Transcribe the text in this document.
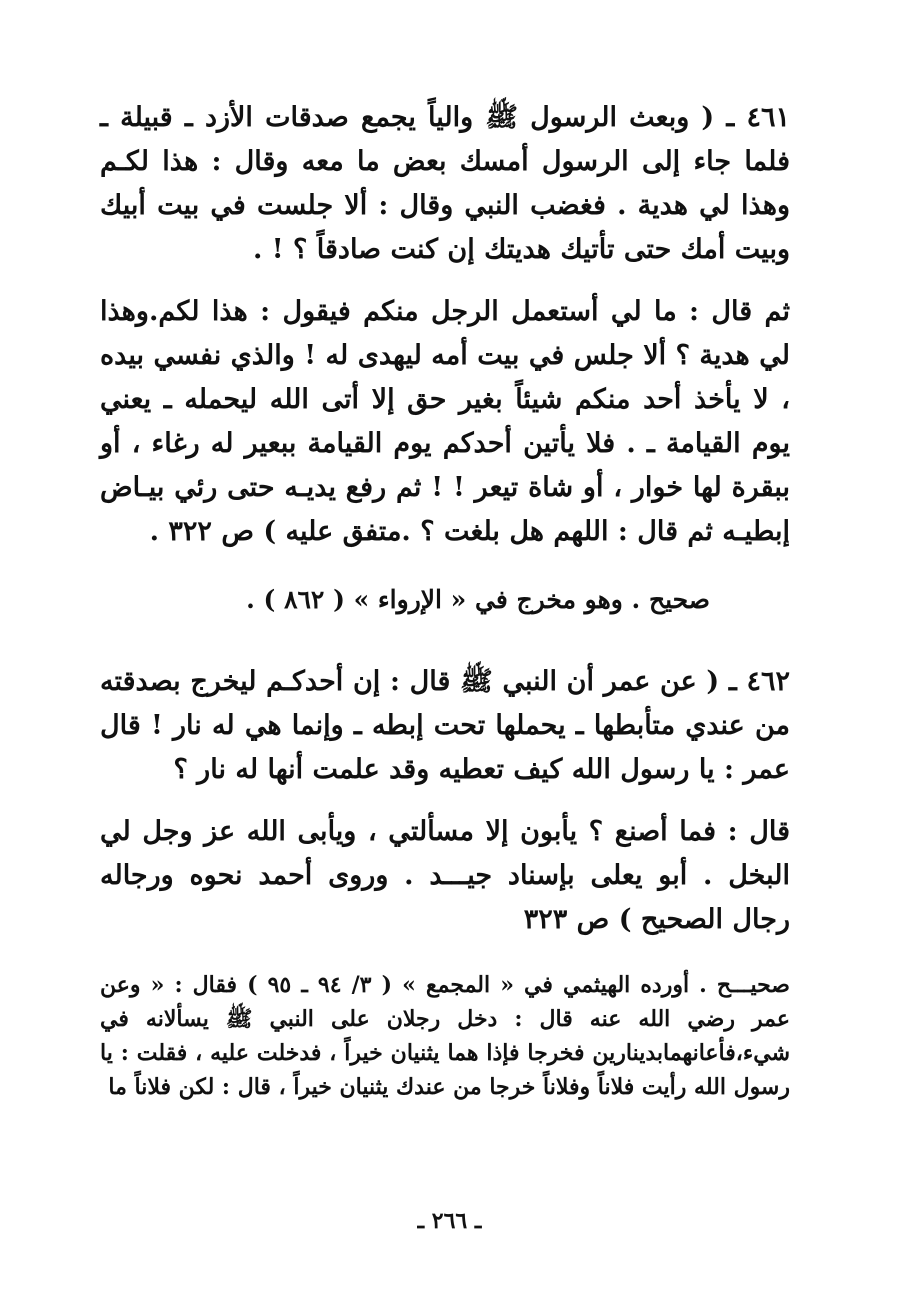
٤٦١ ـ ( وبعث الرسول ﷺ والياً يجمع صدقات الأزد ـ قبيلة ـ فلما جاء إلى الرسول أمسك بعض ما معه وقال : هذا لكـم وهذا لي هدية . فغضب النبي وقال : ألا جلست في بيت أبيك وبيت أمك حتى تأتيك هديتك إن كنت صادقاً ؟ ! .

ثم قال : ما لي أستعمل الرجل منكم فيقول : هذا لكم.وهذا لي هدية ؟ ألا جلس في بيت أمه ليهدى له ! والذي نفسي بيده ، لا يأخذ أحد منكم شيئاً بغير حق إلا أتى الله ليحمله ـ يعني يوم القيامة ـ . فلا يأتين أحدكم يوم القيامة ببعير له رغاء ، أو ببقرة لها خوار ، أو شاة تيعر ! ! ثم رفع يديـه حتى رئي بيـاض إبطيـه ثم قال : اللهم هل بلغت ؟ .متفق عليه ) ص ٣٢٢ .

صحيح . وهو مخرج في « الإرواء » ( ٨٦٢ ) .

٤٦٢ ـ ( عن عمر أن النبي ﷺ قال : إن أحدكـم ليخرج بصدقته من عندي متأبطها ـ يحملها تحت إبطه ـ وإنما هي له نار ! قال عمر : يا رسول الله كيف تعطيه وقد علمت أنها له نار ؟

قال : فما أصنع ؟ يأبون إلا مسألتي ، ويأبى الله عز وجل لي البخل . أبو يعلى بإسناد جيـــد . وروى أحمد نحوه ورجاله رجال الصحيح ) ص ٣٢٣

صحيـــح . أورده الهيثمي في « المجمع » ( ٣/ ٩٤ ـ ٩٥ ) فقال : « وعن عمر رضي الله عنه قال : دخل رجلان على النبي ﷺ يسألانه في شيء،فأعانهمابدينارين فخرجا فإذا هما يثنيان خيراً ، فدخلت عليه ، فقلت : يا رسول الله رأيت فلاناً وفلاناً خرجا من عندك يثنيان خيراً ، قال : لكن فلاناً ما

ـ ٢٦٦ ـ
